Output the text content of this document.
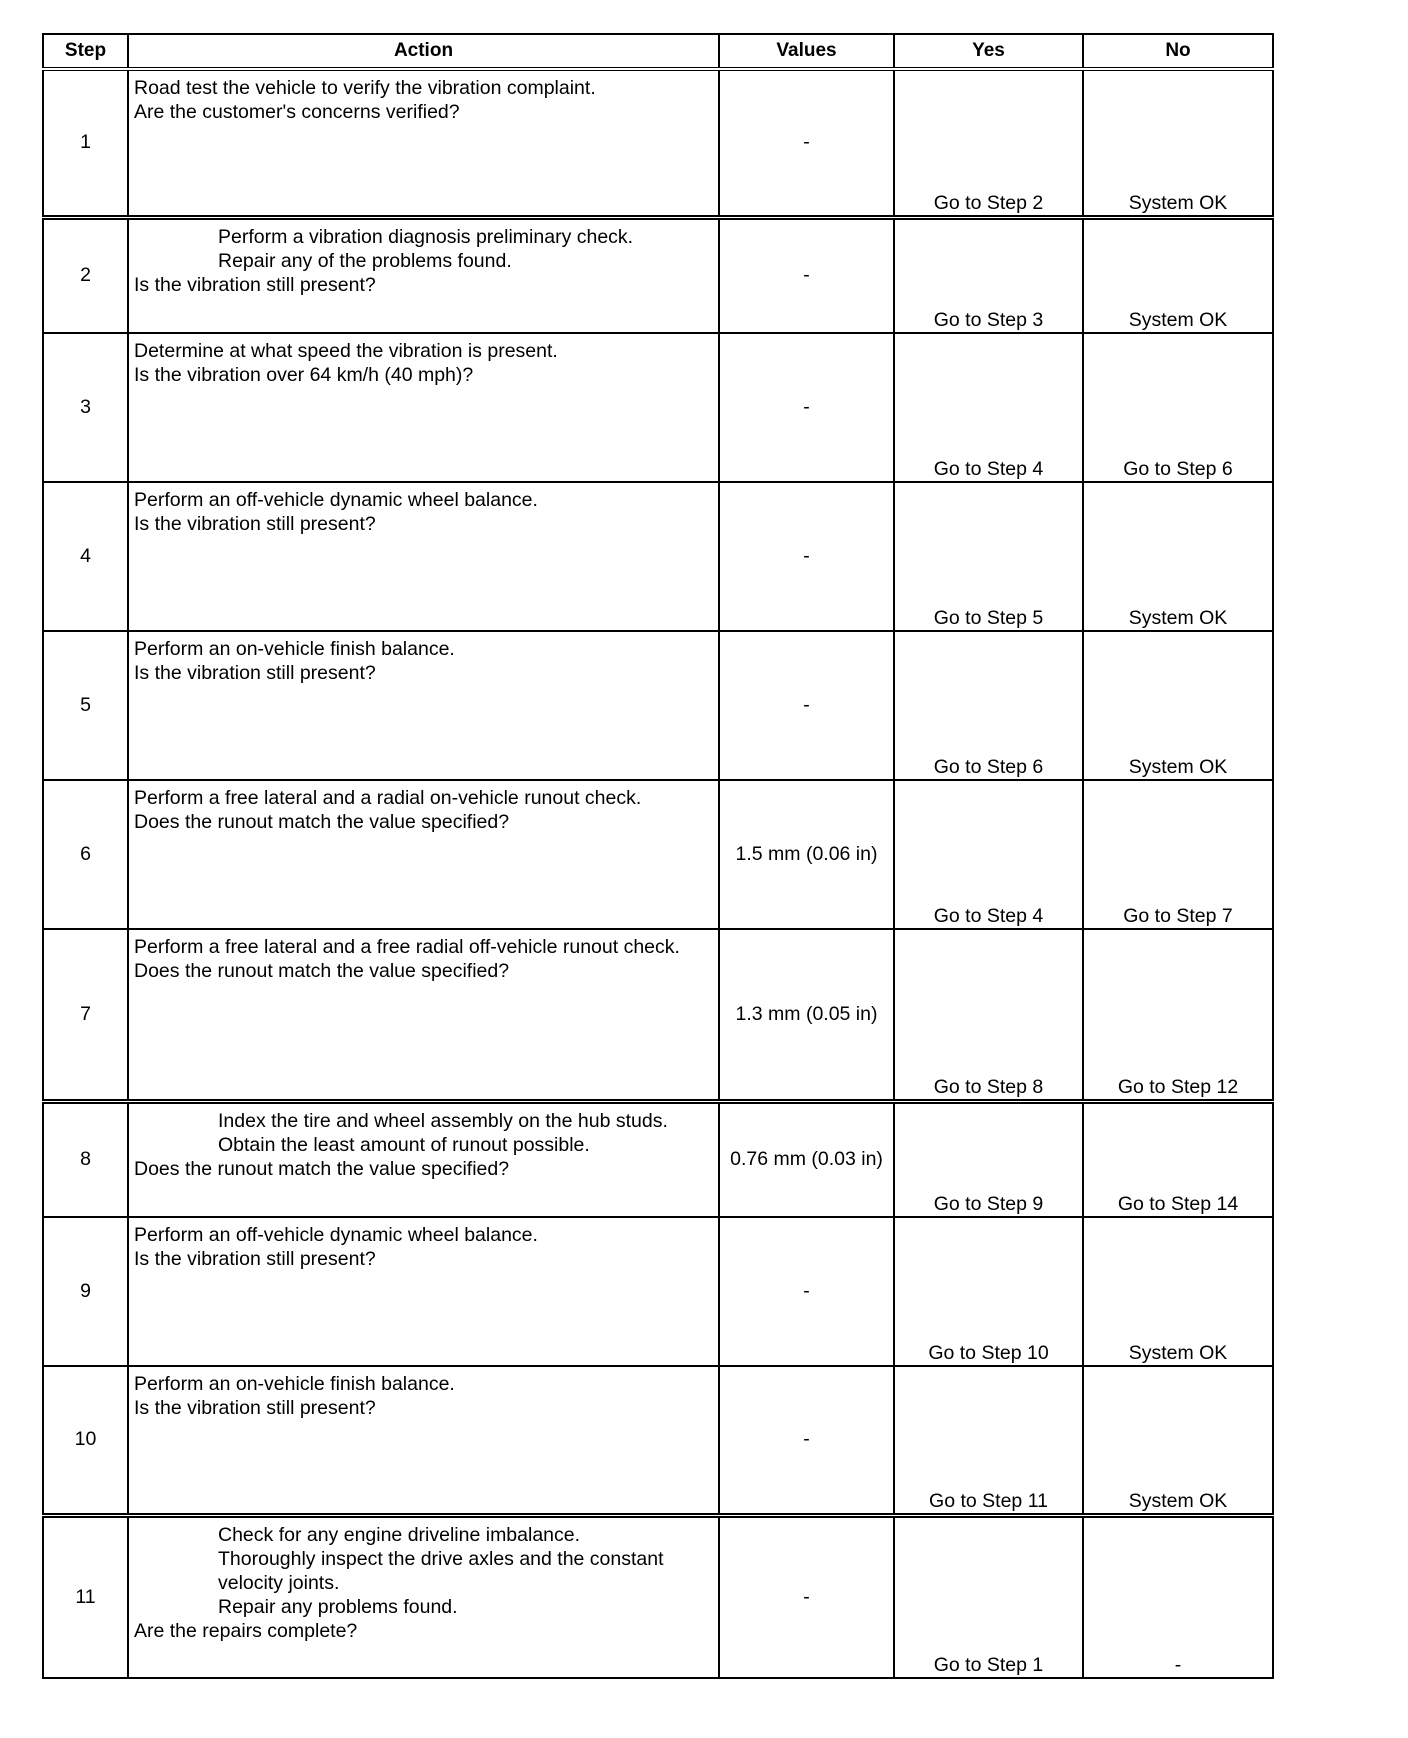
Step	Action	Values	Yes	No
1	Road test the vehicle to verify the vibration complaint.
Are the customer's concerns verified?	-	Go to Step 2	System OK
2	Perform a vibration diagnosis preliminary check.
Repair any of the problems found.
Is the vibration still present?	-	Go to Step 3	System OK
3	Determine at what speed the vibration is present.
Is the vibration over 64 km/h (40 mph)?	-	Go to Step 4	Go to Step 6
4	Perform an off-vehicle dynamic wheel balance.
Is the vibration still present?	-	Go to Step 5	System OK
5	Perform an on-vehicle finish balance.
Is the vibration still present?	-	Go to Step 6	System OK
6	Perform a free lateral and a radial on-vehicle runout check.
Does the runout match the value specified?	1.5 mm (0.06 in)	Go to Step 4	Go to Step 7
7	Perform a free lateral and a free radial off-vehicle runout check.
Does the runout match the value specified?	1.3 mm (0.05 in)	Go to Step 8	Go to Step 12
8	Index the tire and wheel assembly on the hub studs.
Obtain the least amount of runout possible.
Does the runout match the value specified?	0.76 mm (0.03 in)	Go to Step 9	Go to Step 14
9	Perform an off-vehicle dynamic wheel balance.
Is the vibration still present?	-	Go to Step 10	System OK
10	Perform an on-vehicle finish balance.
Is the vibration still present?	-	Go to Step 11	System OK
11	Check for any engine driveline imbalance.
Thoroughly inspect the drive axles and the constant velocity joints.
Repair any problems found.
Are the repairs complete?	-	Go to Step 1	-
